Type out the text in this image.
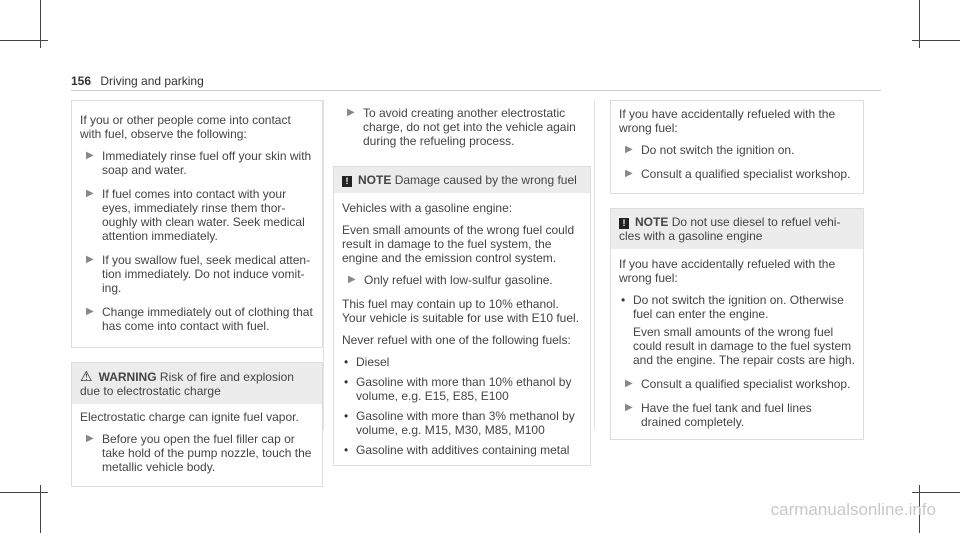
156 Driving and parking

If you or other people come into contact with fuel, observe the following:

▶ Immediately rinse fuel off your skin with soap and water.
▶ If fuel comes into contact with your eyes, immediately rinse them thor-oughly with clean water. Seek medical attention immediately.
▶ If you swallow fuel, seek medical atten-tion immediately. Do not induce vomit-ing.
▶ Change immediately out of clothing that has come into contact with fuel.
⚠ WARNING Risk of fire and explosion due to electrostatic charge

Electrostatic charge can ignite fuel vapor.

▶ Before you open the fuel filler cap or take hold of the pump nozzle, touch the metallic vehicle body.
▶ To avoid creating another electrostatic charge, do not get into the vehicle again during the refueling process.
! NOTE Damage caused by the wrong fuel

Vehicles with a gasoline engine:

Even small amounts of the wrong fuel could result in damage to the fuel system, the engine and the emission control system.

▶ Only refuel with low-sulfur gasoline.

This fuel may contain up to 10% ethanol. Your vehicle is suitable for use with E10 fuel.

Never refuel with one of the following fuels:

• Diesel
• Gasoline with more than 10% ethanol by volume, e.g. E15, E85, E100
• Gasoline with more than 3% methanol by volume, e.g. M15, M30, M85, M100
• Gasoline with additives containing metal

If you have accidentally refueled with the wrong fuel:

▶ Do not switch the ignition on.
▶ Consult a qualified specialist workshop.
! NOTE Do not use diesel to refuel vehi-cles with a gasoline engine

If you have accidentally refueled with the wrong fuel:

• Do not switch the ignition on. Otherwise fuel can enter the engine.

Even small amounts of the wrong fuel could result in damage to the fuel system and the engine. The repair costs are high.
▶ Consult a qualified specialist workshop.
▶ Have the fuel tank and fuel lines drained completely.
carmanualsonline.info
